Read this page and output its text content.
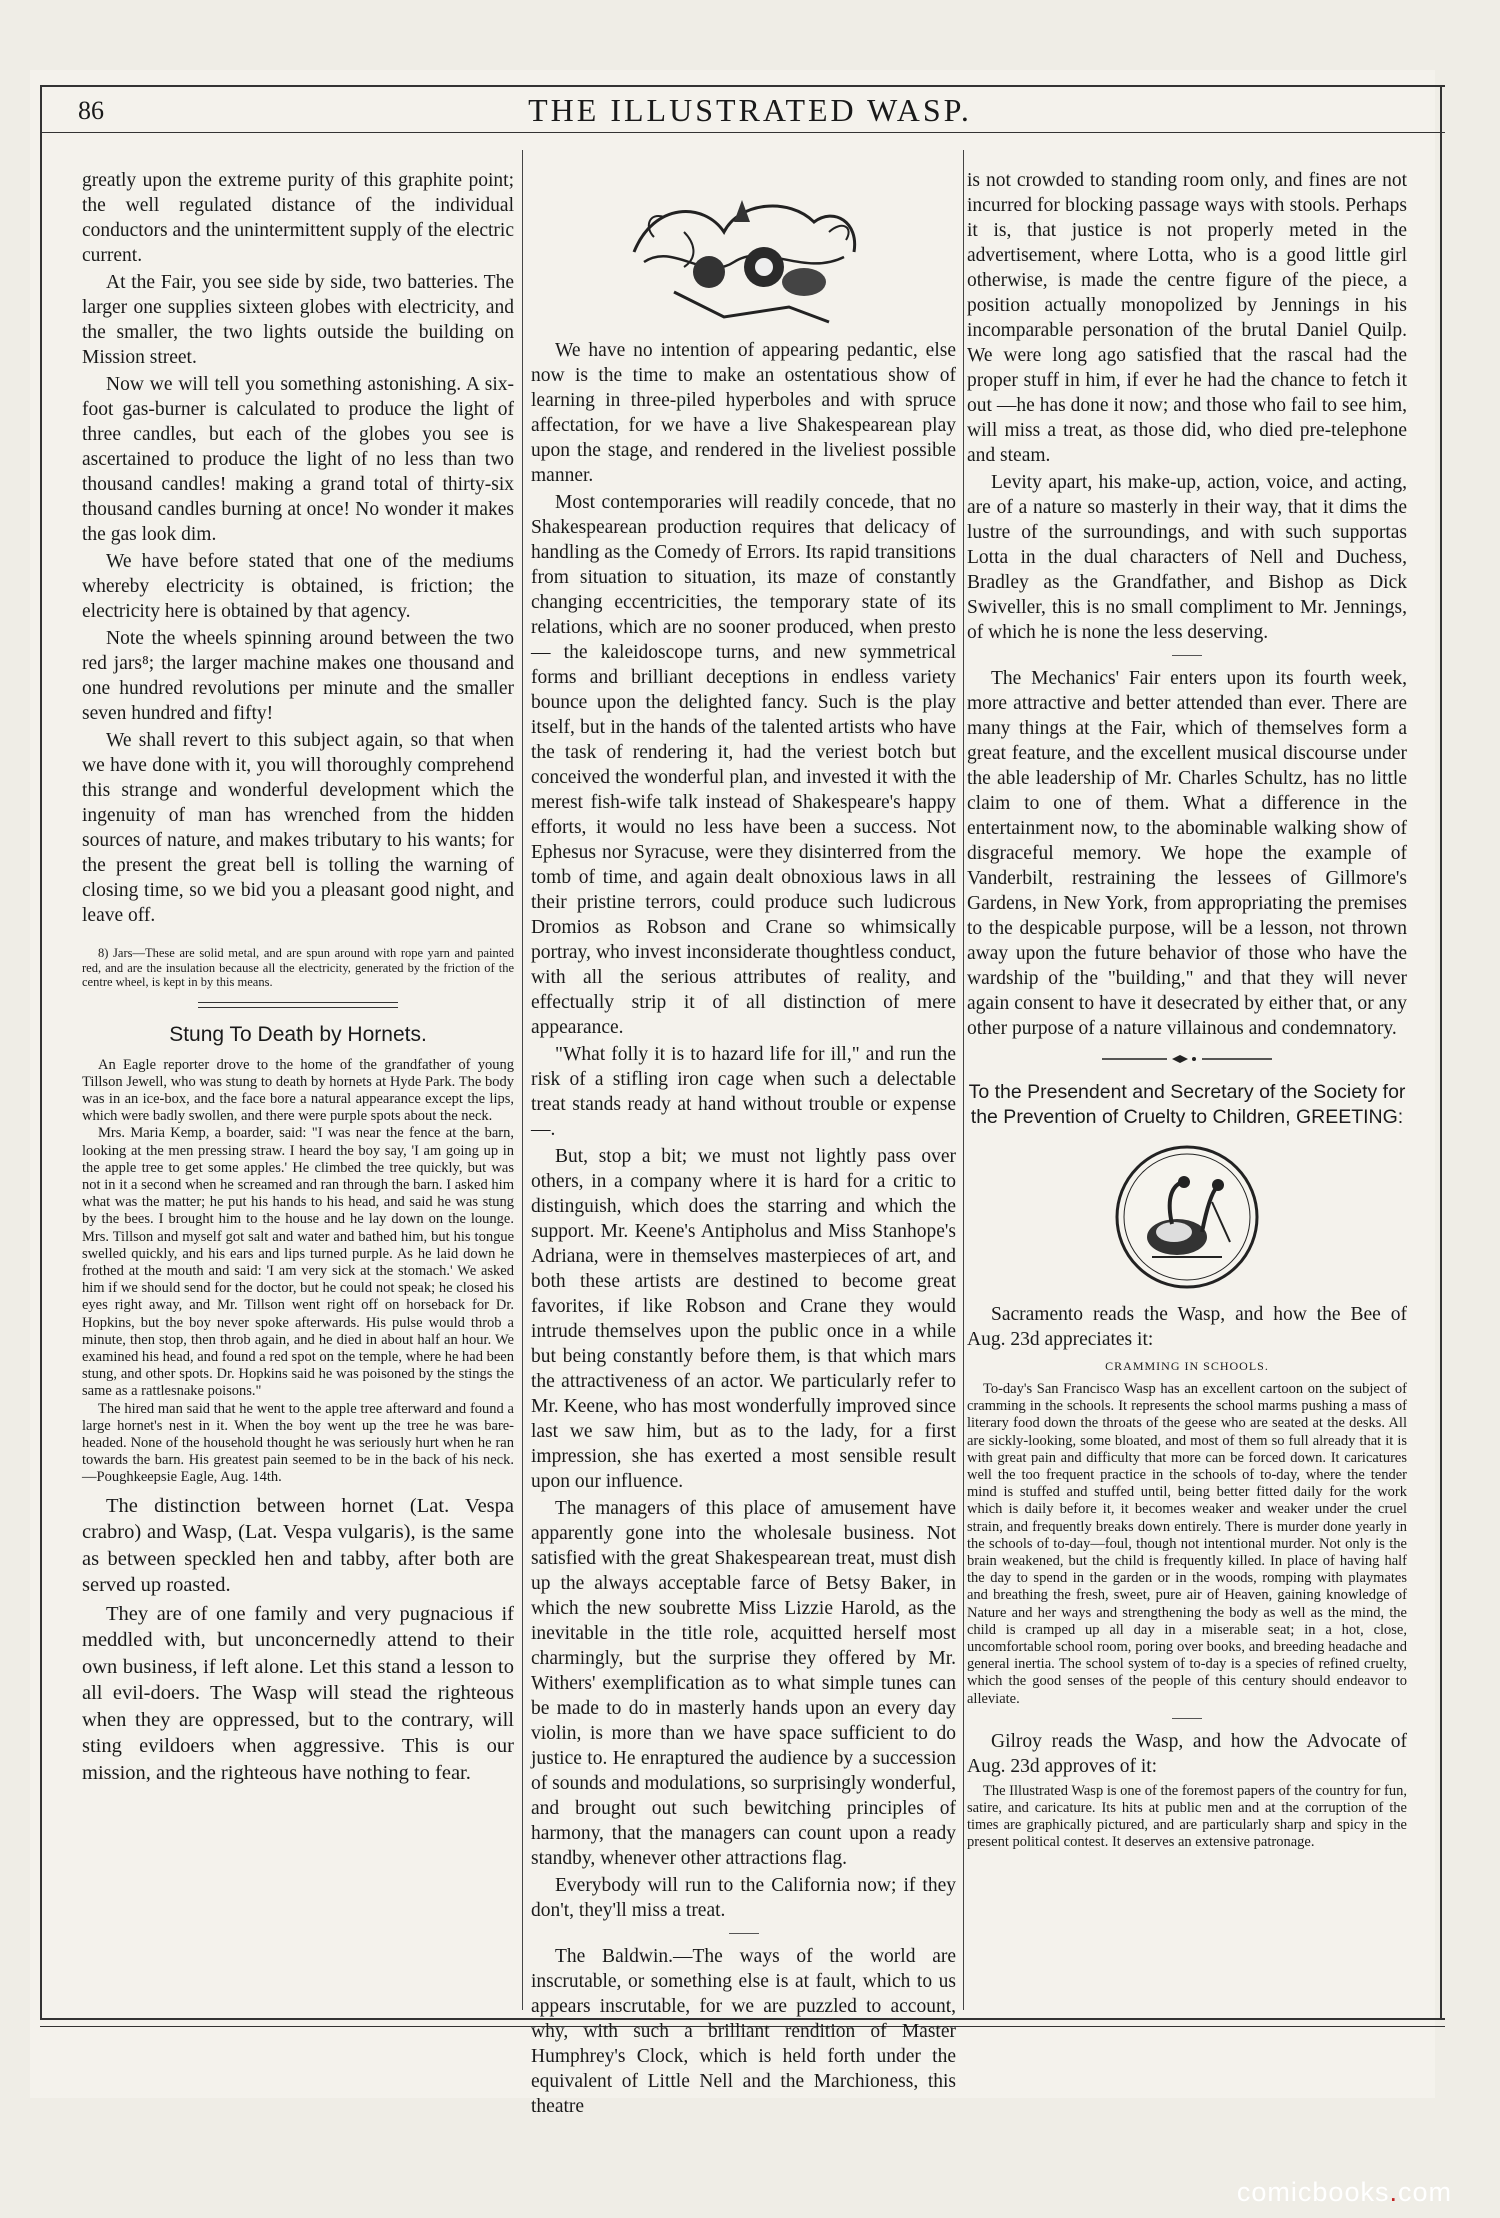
86	THE ILLUSTRATED WASP.

greatly upon the extreme purity of this graphite point; the well regulated distance of the individual conductors and the unintermittent supply of the electric current.

At the Fair, you see side by side, two batteries. The larger one supplies sixteen globes with electricity, and the smaller, the two lights outside the building on Mission street.

Now we will tell you something astonishing. A six-foot gas-burner is calculated to produce the light of three candles, but each of the globes you see is ascertained to produce the light of no less than two thousand candles! making a grand total of thirty-six thousand candles burning at once! No wonder it makes the gas look dim.

We have before stated that one of the mediums whereby electricity is obtained, is friction; the electricity here is obtained by that agency.

Note the wheels spinning around between the two red jars⁸; the larger machine makes one thousand and one hundred revolutions per minute and the smaller seven hundred and fifty!

We shall revert to this subject again, so that when we have done with it, you will thoroughly comprehend this strange and wonderful development which the ingenuity of man has wrenched from the hidden sources of nature, and makes tributary to his wants; for the present the great bell is tolling the warning of closing time, so we bid you a pleasant good night, and leave off.

8) Jars—These are solid metal, and are spun around with rope yarn and painted red, and are the insulation because all the electricity, generated by the friction of the centre wheel, is kept in by this means.

Stung To Death by Hornets.

An Eagle reporter drove to the home of the grandfather of young Tillson Jewell, who was stung to death by hornets at Hyde Park. The body was in an ice-box, and the face bore a natural appearance except the lips, which were badly swollen, and there were purple spots about the neck.

Mrs. Maria Kemp, a boarder, said: "I was near the fence at the barn, looking at the men pressing straw. I heard the boy say, 'I am going up in the apple tree to get some apples.' He climbed the tree quickly, but was not in it a second when he screamed and ran through the barn. I asked him what was the matter; he put his hands to his head, and said he was stung by the bees. I brought him to the house and he lay down on the lounge. Mrs. Tillson and myself got salt and water and bathed him, but his tongue swelled quickly, and his ears and lips turned purple. As he laid down he frothed at the mouth and said: 'I am very sick at the stomach.' We asked him if we should send for the doctor, but he could not speak; he closed his eyes right away, and Mr. Tillson went right off on horseback for Dr. Hopkins, but the boy never spoke afterwards. His pulse would throb a minute, then stop, then throb again, and he died in about half an hour. We examined his head, and found a red spot on the temple, where he had been stung, and other spots. Dr. Hopkins said he was poisoned by the stings the same as a rattlesnake poisons."

The hired man said that he went to the apple tree afterward and found a large hornet's nest in it. When the boy went up the tree he was bare-headed. None of the household thought he was seriously hurt when he ran towards the barn. His greatest pain seemed to be in the back of his neck.—Poughkeepsie Eagle, Aug. 14th.

The distinction between hornet (Lat. Vespa crabro) and Wasp, (Lat. Vespa vulgaris), is the same as between speckled hen and tabby, after both are served up roasted.

They are of one family and very pugnacious if meddled with, but unconcernedly attend to their own business, if left alone. Let this stand a lesson to all evil-doers. The Wasp will stead the righteous when they are oppressed, but to the contrary, will sting evildoers when aggressive. This is our mission, and the righteous have nothing to fear.

We have no intention of appearing pedantic, else now is the time to make an ostentatious show of learning in three-piled hyperboles and with spruce affectation, for we have a live Shakespearean play upon the stage, and rendered in the liveliest possible manner.

Most contemporaries will readily concede, that no Shakespearean production requires that delicacy of handling as the Comedy of Errors. Its rapid transitions from situation to situation, its maze of constantly changing eccentricities, the temporary state of its relations, which are no sooner produced, when presto — the kaleidoscope turns, and new symmetrical forms and brilliant deceptions in endless variety bounce upon the delighted fancy. Such is the play itself, but in the hands of the talented artists who have the task of rendering it, had the veriest botch but conceived the wonderful plan, and invested it with the merest fish-wife talk instead of Shakespeare's happy efforts, it would no less have been a success. Not Ephesus nor Syracuse, were they disinterred from the tomb of time, and again dealt obnoxious laws in all their pristine terrors, could produce such ludicrous Dromios as Robson and Crane so whimsically portray, who invest inconsiderate thoughtless conduct, with all the serious attributes of reality, and effectually strip it of all distinction of mere appearance.

"What folly it is to hazard life for ill," and run the risk of a stifling iron cage when such a delectable treat stands ready at hand without trouble or expense—.

But, stop a bit; we must not lightly pass over others, in a company where it is hard for a critic to distinguish, which does the starring and which the support. Mr. Keene's Antipholus and Miss Stanhope's Adriana, were in themselves masterpieces of art, and both these artists are destined to become great favorites, if like Robson and Crane they would intrude themselves upon the public once in a while but being constantly before them, is that which mars the attractiveness of an actor. We particularly refer to Mr. Keene, who has most wonderfully improved since last we saw him, but as to the lady, for a first impression, she has exerted a most sensible result upon our influence.

The managers of this place of amusement have apparently gone into the wholesale business. Not satisfied with the great Shakespearean treat, must dish up the always acceptable farce of Betsy Baker, in which the new soubrette Miss Lizzie Harold, as the inevitable in the title role, acquitted herself most charmingly, but the surprise they offered by Mr. Withers' exemplification as to what simple tunes can be made to do in masterly hands upon an every day violin, is more than we have space sufficient to do justice to. He enraptured the audience by a succession of sounds and modulations, so surprisingly wonderful, and brought out such bewitching principles of harmony, that the managers can count upon a ready standby, whenever other attractions flag.

Everybody will run to the California now; if they don't, they'll miss a treat.

The Baldwin.—The ways of the world are inscrutable, or something else is at fault, which to us appears inscrutable, for we are puzzled to account, why, with such a brilliant rendition of Master Humphrey's Clock, which is held forth under the equivalent of Little Nell and the Marchioness, this theatre

is not crowded to standing room only, and fines are not incurred for blocking passage ways with stools. Perhaps it is, that justice is not properly meted in the advertisement, where Lotta, who is a good little girl otherwise, is made the centre figure of the piece, a position actually monopolized by Jennings in his incomparable personation of the brutal Daniel Quilp. We were long ago satisfied that the rascal had the proper stuff in him, if ever he had the chance to fetch it out —he has done it now; and those who fail to see him, will miss a treat, as those did, who died pre-telephone and steam.

Levity apart, his make-up, action, voice, and acting, are of a nature so masterly in their way, that it dims the lustre of the surroundings, and with such supportas Lotta in the dual characters of Nell and Duchess, Bradley as the Grandfather, and Bishop as Dick Swiveller, this is no small compliment to Mr. Jennings, of which he is none the less deserving.

The Mechanics' Fair enters upon its fourth week, more attractive and better attended than ever. There are many things at the Fair, which of themselves form a great feature, and the excellent musical discourse under the able leadership of Mr. Charles Schultz, has no little claim to one of them. What a difference in the entertainment now, to the abominable walking show of disgraceful memory. We hope the example of Vanderbilt, restraining the lessees of Gillmore's Gardens, in New York, from appropriating the premises to the despicable purpose, will be a lesson, not thrown away upon the future behavior of those who have the wardship of the "building," and that they will never again consent to have it desecrated by either that, or any other purpose of a nature villainous and condemnatory.

To the Presendent and Secretary of the Society for the Prevention of Cruelty to Children, GREETING:

Sacramento reads the Wasp, and how the Bee of Aug. 23d appreciates it:

CRAMMING IN SCHOOLS.

To-day's San Francisco Wasp has an excellent cartoon on the subject of cramming in the schools. It represents the school marms pushing a mass of literary food down the throats of the geese who are seated at the desks. All are sickly-looking, some bloated, and most of them so full already that it is with great pain and difficulty that more can be forced down. It caricatures well the too frequent practice in the schools of to-day, where the tender mind is stuffed and stuffed until, being better fitted daily for the work which is daily before it, it becomes weaker and weaker under the cruel strain, and frequently breaks down entirely. There is murder done yearly in the schools of to-day—foul, though not intentional murder. Not only is the brain weakened, but the child is frequently killed. In place of having half the day to spend in the garden or in the woods, romping with playmates and breathing the fresh, sweet, pure air of Heaven, gaining knowledge of Nature and her ways and strengthening the body as well as the mind, the child is cramped up all day in a miserable seat; in a hot, close, uncomfortable school room, poring over books, and breeding headache and general inertia. The school system of to-day is a species of refined cruelty, which the good senses of the people of this century should endeavor to alleviate.

Gilroy reads the Wasp, and how the Advocate of Aug. 23d approves of it:

The Illustrated Wasp is one of the foremost papers of the country for fun, satire, and caricature. Its hits at public men and at the corruption of the times are graphically pictured, and are particularly sharp and spicy in the present political contest. It deserves an extensive patronage.

comicbooks.com
